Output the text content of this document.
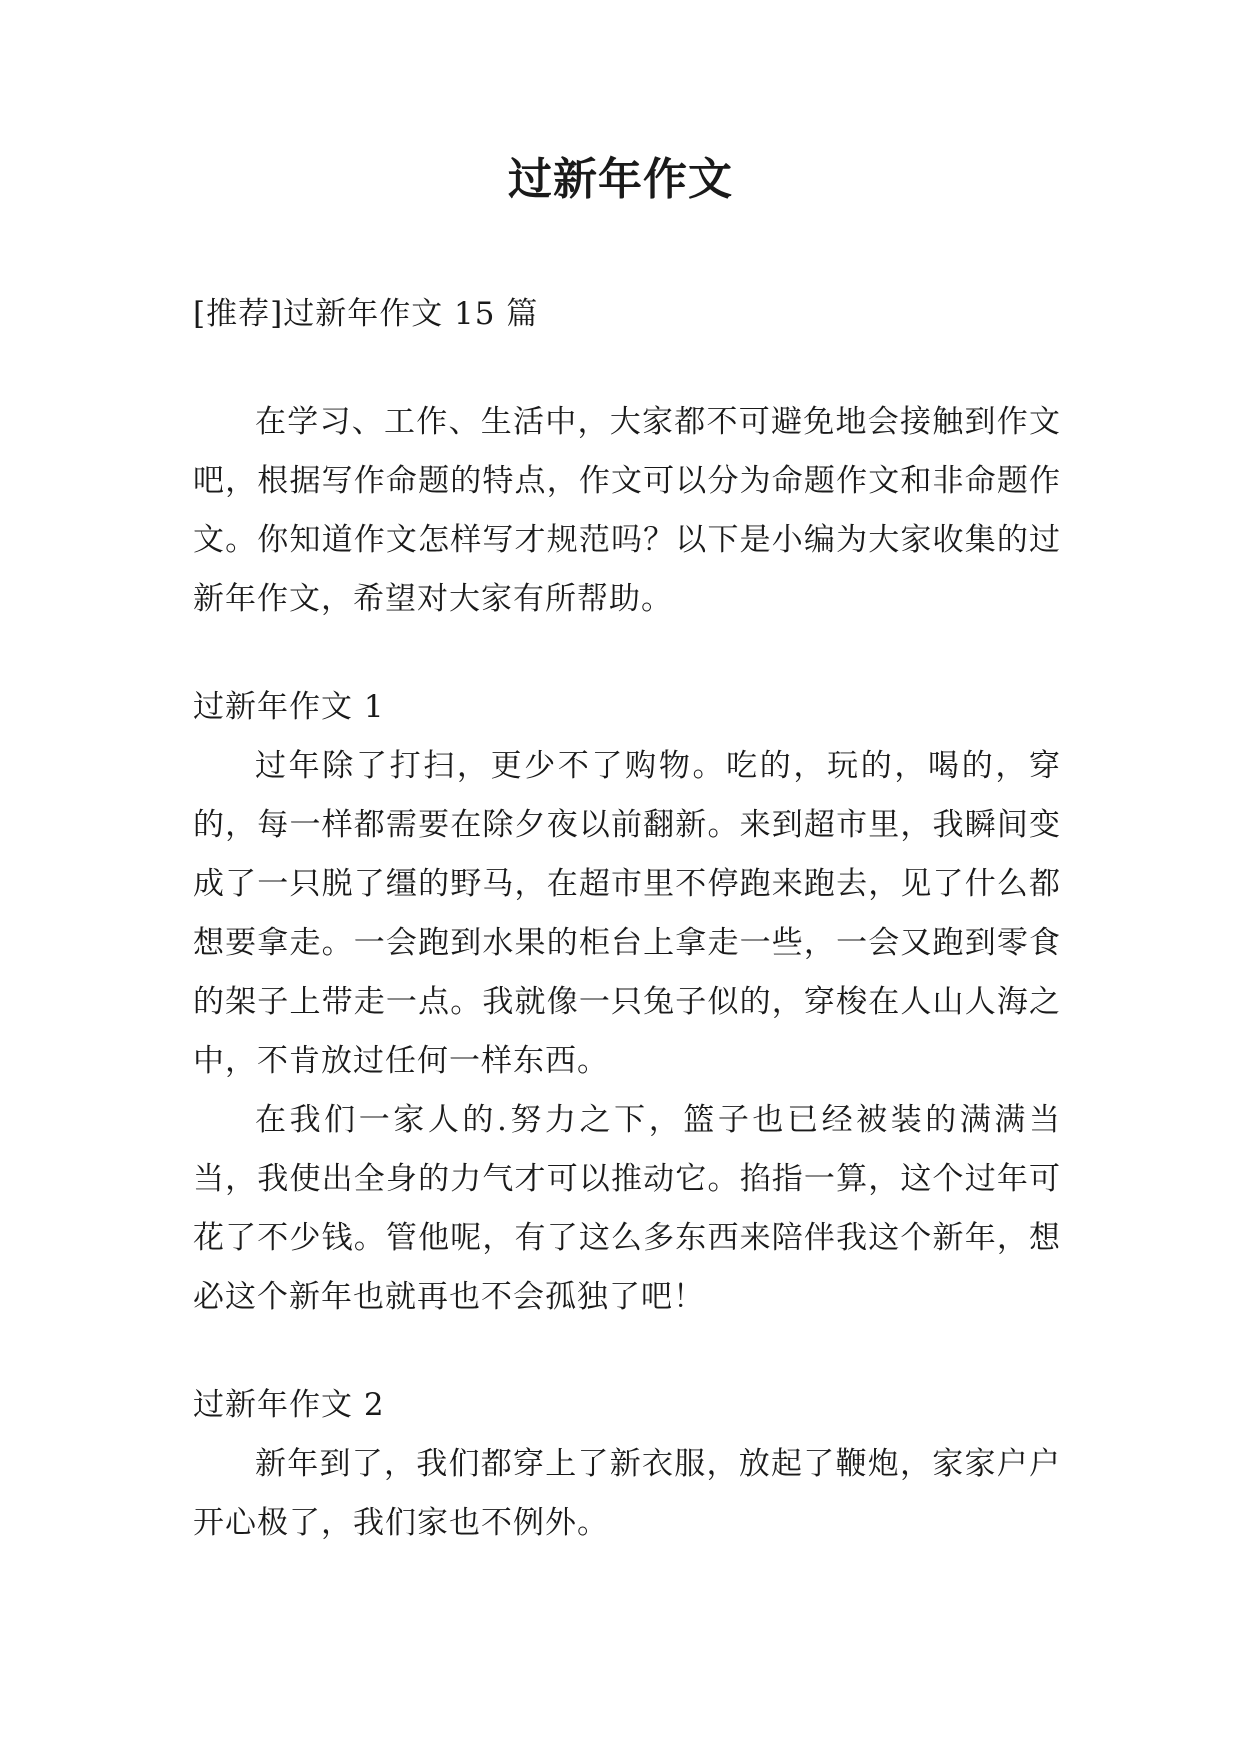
过新年作文

[推荐]过新年作文 15 篇

在学习、工作、生活中，大家都不可避免地会接触到作文吧，根据写作命题的特点，作文可以分为命题作文和非命题作文。你知道作文怎样写才规范吗？以下是小编为大家收集的过新年作文，希望对大家有所帮助。

过新年作文 1

过年除了打扫，更少不了购物。吃的，玩的，喝的，穿的，每一样都需要在除夕夜以前翻新。来到超市里，我瞬间变成了一只脱了缰的野马，在超市里不停跑来跑去，见了什么都想要拿走。一会跑到水果的柜台上拿走一些，一会又跑到零食的架子上带走一点。我就像一只兔子似的，穿梭在人山人海之中，不肯放过任何一样东西。

在我们一家人的.努力之下，篮子也已经被装的满满当当，我使出全身的力气才可以推动它。掐指一算，这个过年可花了不少钱。管他呢，有了这么多东西来陪伴我这个新年，想必这个新年也就再也不会孤独了吧！

过新年作文 2

新年到了，我们都穿上了新衣服，放起了鞭炮，家家户户开心极了，我们家也不例外。
